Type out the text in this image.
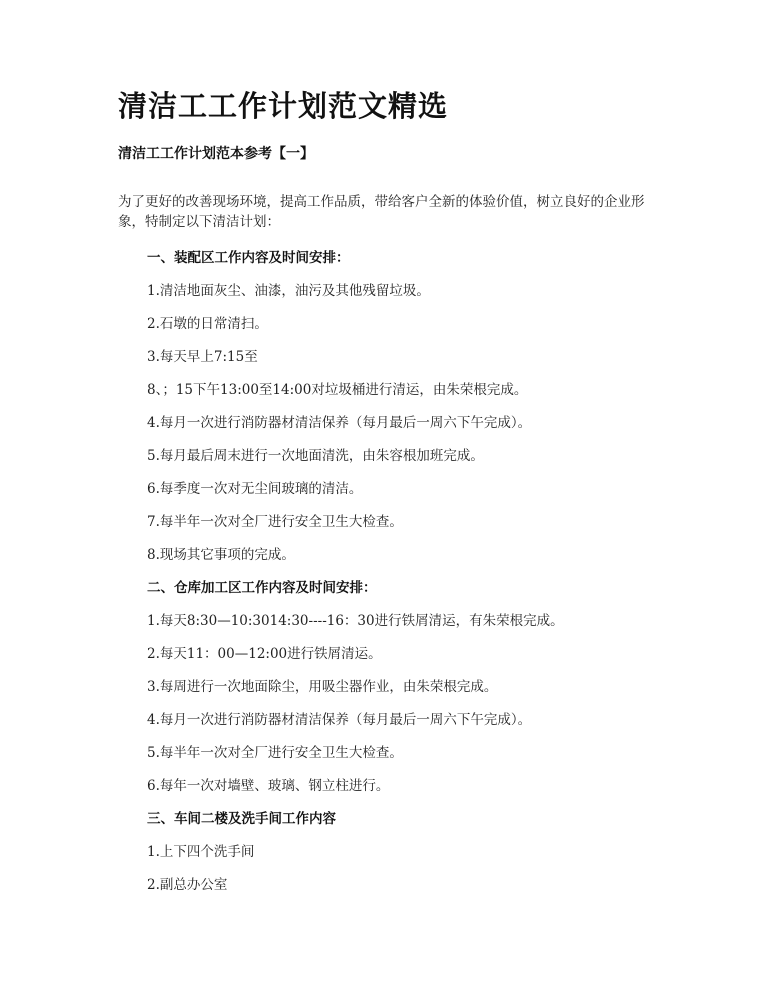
清洁工工作计划范文精选
清洁工工作计划范本参考【一】
为了更好的改善现场环境，提高工作品质，带给客户全新的体验价值，树立良好的企业形象，特制定以下清洁计划：
一、装配区工作内容及时间安排：
1.清洁地面灰尘、油漆，油污及其他残留垃圾。
2.石墩的日常清扫。
3.每天早上7:15至
8、；15下午13:00至14:00对垃圾桶进行清运，由朱荣根完成。
4.每月一次进行消防器材清洁保养（每月最后一周六下午完成）。
5.每月最后周末进行一次地面清洗，由朱容根加班完成。
6.每季度一次对无尘间玻璃的清洁。
7.每半年一次对全厂进行安全卫生大检查。
8.现场其它事项的完成。
二、仓库加工区工作内容及时间安排：
1.每天8:30—10:3014:30----16：30进行铁屑清运，有朱荣根完成。
2.每天11：00—12:00进行铁屑清运。
3.每周进行一次地面除尘，用吸尘器作业，由朱荣根完成。
4.每月一次进行消防器材清洁保养（每月最后一周六下午完成）。
5.每半年一次对全厂进行安全卫生大检查。
6.每年一次对墙壁、玻璃、钢立柱进行。
三、车间二楼及洗手间工作内容
1.上下四个洗手间
2.副总办公室
